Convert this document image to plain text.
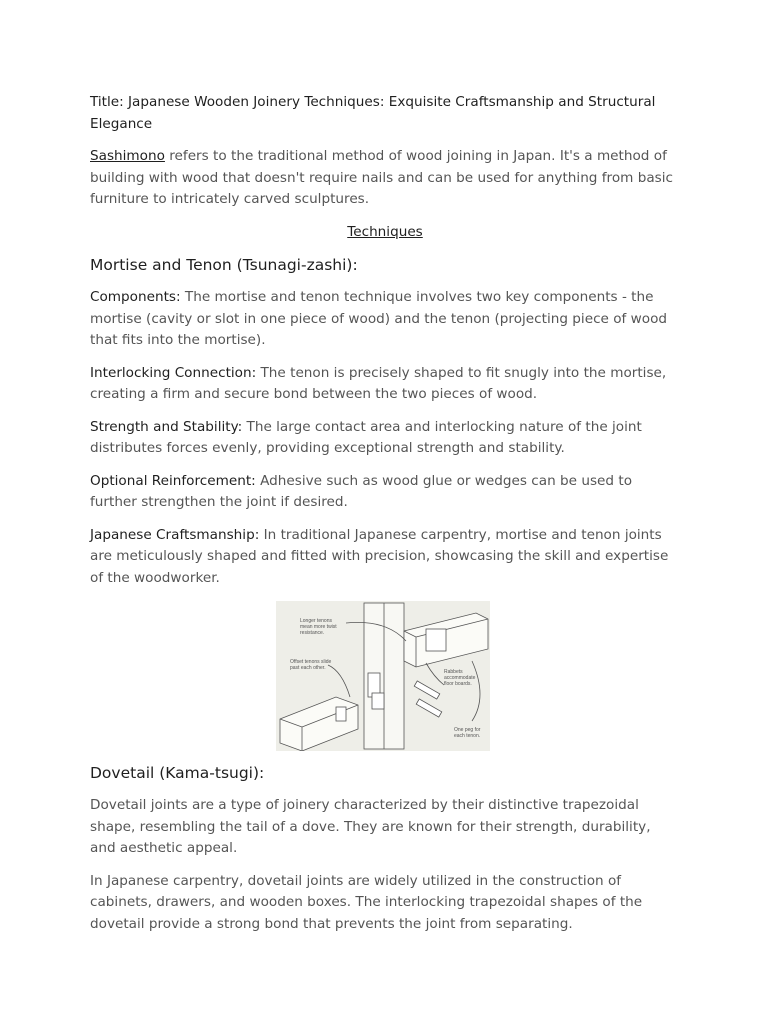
Title: Japanese Wooden Joinery Techniques: Exquisite Craftsmanship and Structural Elegance

Sashimono refers to the traditional method of wood joining in Japan. It's a method of building with wood that doesn't require nails and can be used for anything from basic furniture to intricately carved sculptures.

Techniques

Mortise and Tenon (Tsunagi-zashi):

Components: The mortise and tenon technique involves two key components - the mortise (cavity or slot in one piece of wood) and the tenon (projecting piece of wood that fits into the mortise).

Interlocking Connection: The tenon is precisely shaped to fit snugly into the mortise, creating a firm and secure bond between the two pieces of wood.

Strength and Stability: The large contact area and interlocking nature of the joint distributes forces evenly, providing exceptional strength and stability.

Optional Reinforcement: Adhesive such as wood glue or wedges can be used to further strengthen the joint if desired.

Japanese Craftsmanship: In traditional Japanese carpentry, mortise and tenon joints are meticulously shaped and fitted with precision, showcasing the skill and expertise of the woodworker.

Longer tenons
mean more twist
resistance.
Offset tenons slide
past each other.
Rabbets
accommodate
floor boards.
One peg for
each tenon.
Dovetail (Kama-tsugi):

Dovetail joints are a type of joinery characterized by their distinctive trapezoidal shape, resembling the tail of a dove. They are known for their strength, durability, and aesthetic appeal.

In Japanese carpentry, dovetail joints are widely utilized in the construction of cabinets, drawers, and wooden boxes. The interlocking trapezoidal shapes of the dovetail provide a strong bond that prevents the joint from separating.
